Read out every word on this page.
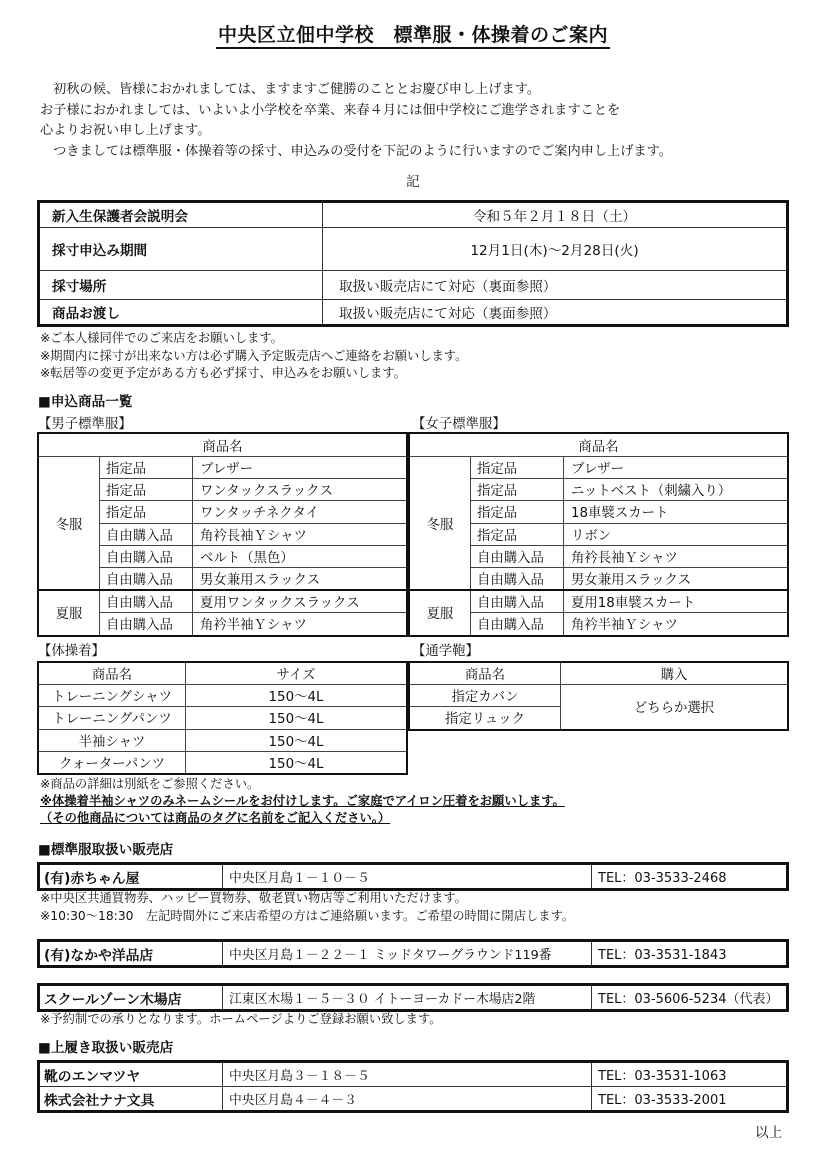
中央区立佃中学校　標準服・体操着のご案内
　初秋の候、皆様におかれましては、ますますご健勝のこととお慶び申し上げます。
お子様におかれましては、いよいよ小学校を卒業、来春４月には佃中学校にご進学されますことを
心よりお祝い申し上げます。
　つきましては標準服・体操着等の採寸、申込みの受付を下記のように行いますのでご案内申し上げます。
記
新入生保護者会説明会	令和５年２月１８日（土）
採寸申込み期間	12月1日(木)～2月28日(火)
採寸場所	取扱い販売店にて対応（裏面参照）
商品お渡し	取扱い販売店にて対応（裏面参照）
※ご本人様同伴でのご来店をお願いします。
※期間内に採寸が出来ない方は必ず購入予定販売店へご連絡をお願いします。
※転居等の変更予定がある方も必ず採寸、申込みをお願いします。
■申込商品一覧
【男子標準服】
商品名		
冬服	指定品	ブレザー
	指定品	ワンタックスラックス
	指定品	ワンタッチネクタイ
	自由購入品	角衿長袖Ｙシャツ
	自由購入品	ベルト（黒色）
	自由購入品	男女兼用スラックス
夏服	自由購入品	夏用ワンタックスラックス
	自由購入品	角衿半袖Ｙシャツ
【女子標準服】
商品名		
冬服	指定品	ブレザー
	指定品	ニットベスト（刺繍入り）
	指定品	18車襞スカート
	指定品	リボン
	自由購入品	角衿長袖Ｙシャツ
	自由購入品	男女兼用スラックス
夏服	自由購入品	夏用18車襞スカート
	自由購入品	角衿半袖Ｙシャツ
【体操着】
商品名	サイズ
トレーニングシャツ	150～4L
トレーニングパンツ	150～4L
半袖シャツ	150～4L
クォーターパンツ	150～4L
【通学鞄】
商品名	購入
指定カバン	どちらか選択
指定リュック	
※商品の詳細は別紙をご参照ください。
※体操着半袖シャツのみネームシールをお付けします。ご家庭でアイロン圧着をお願いします。
（その他商品については商品のタグに名前をご記入ください。）
■標準服取扱い販売店
(有)赤ちゃん屋	中央区月島１－１０－５	TEL：03-3533-2468
※中央区共通買物券、ハッピー買物券、敬老買い物店等ご利用いただけます。
※10:30～18:30　左記時間外にご来店希望の方はご連絡願います。ご希望の時間に開店します。
(有)なかや洋品店	中央区月島１－２２－１ ミッドタワーグラウンド119番	TEL：03-3531-1843
スクールゾーン木場店	江東区木場１－５－３０ イトーヨーカドー木場店2階	TEL：03-5606-5234（代表）
※予約制での承りとなります。ホームページよりご登録お願い致します。
■上履き取扱い販売店
靴のエンマツヤ	中央区月島３－１８－５	TEL：03-3531-1063
株式会社ナナ文具	中央区月島４－４－３	TEL：03-3533-2001
以上
